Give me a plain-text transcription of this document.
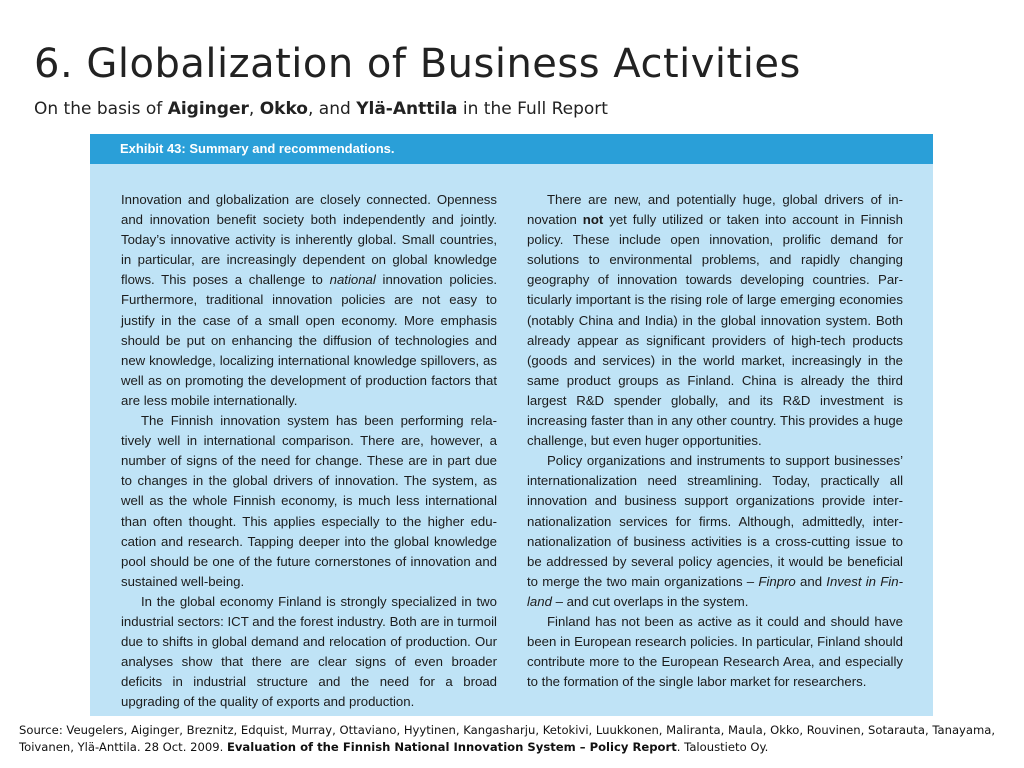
6. Globalization of Business Activities
On the basis of Aiginger, Okko, and Ylä-Anttila in the Full Report
Exhibit 43: Summary and recommendations.

Innovation and globalization are closely connected. Openness and innovation benefit society both independently and jointly. Today’s innovative activity is inherently global. Small countries, in particular, are increasingly dependent on global knowledge flows. This poses a challenge to national innovation policies. Furthermore, traditional innovation policies are not easy to justify in the case of a small open economy. More emphasis should be put on enhancing the diffusion of technologies and new knowledge, localizing international knowledge spillovers, as well as on promoting the development of production factors that are less mobile internationally.

The Finnish innovation system has been performing relatively well in international comparison. There are, however, a number of signs of the need for change. These are in part due to changes in the global drivers of innovation. The system, as well as the whole Finnish economy, is much less international than often thought. This applies especially to the higher education and research. Tapping deeper into the global knowledge pool should be one of the future cornerstones of innovation and sustained well-being.

In the global economy Finland is strongly specialized in two industrial sectors: ICT and the forest industry. Both are in turmoil due to shifts in global demand and relocation of production. Our analyses show that there are clear signs of even broader deficits in industrial structure and the need for a broad upgrading of the quality of exports and production.

There are new, and potentially huge, global drivers of innovation not yet fully utilized or taken into account in Finnish policy. These include open innovation, prolific demand for solutions to environmental problems, and rapidly changing geography of innovation towards developing countries. Particularly important is the rising role of large emerging economies (notably China and India) in the global innovation system. Both already appear as significant providers of high-tech products (goods and services) in the world market, increasingly in the same product groups as Finland. China is already the third largest R&D spender globally, and its R&D investment is increasing faster than in any other country. This provides a huge challenge, but even huger opportunities.

Policy organizations and instruments to support businesses’ internationalization need streamlining. Today, practically all innovation and business support organizations provide internationalization services for firms. Although, admittedly, internationalization of business activities is a cross-cutting issue to be addressed by several policy agencies, it would be beneficial to merge the two main organizations – Finpro and Invest in Finland – and cut overlaps in the system.

Finland has not been as active as it could and should have been in European research policies. In particular, Finland should contribute more to the European Research Area, and especially to the formation of the single labor market for researchers.

Source: Veugelers, Aiginger, Breznitz, Edquist, Murray, Ottaviano, Hyytinen, Kangasharju, Ketokivi, Luukkonen, Maliranta, Maula, Okko, Rouvinen, Sotarauta, Tanayama, Toivanen, Ylä-Anttila. 28 Oct. 2009. Evaluation of the Finnish National Innovation System – Policy Report. Taloustieto Oy.
